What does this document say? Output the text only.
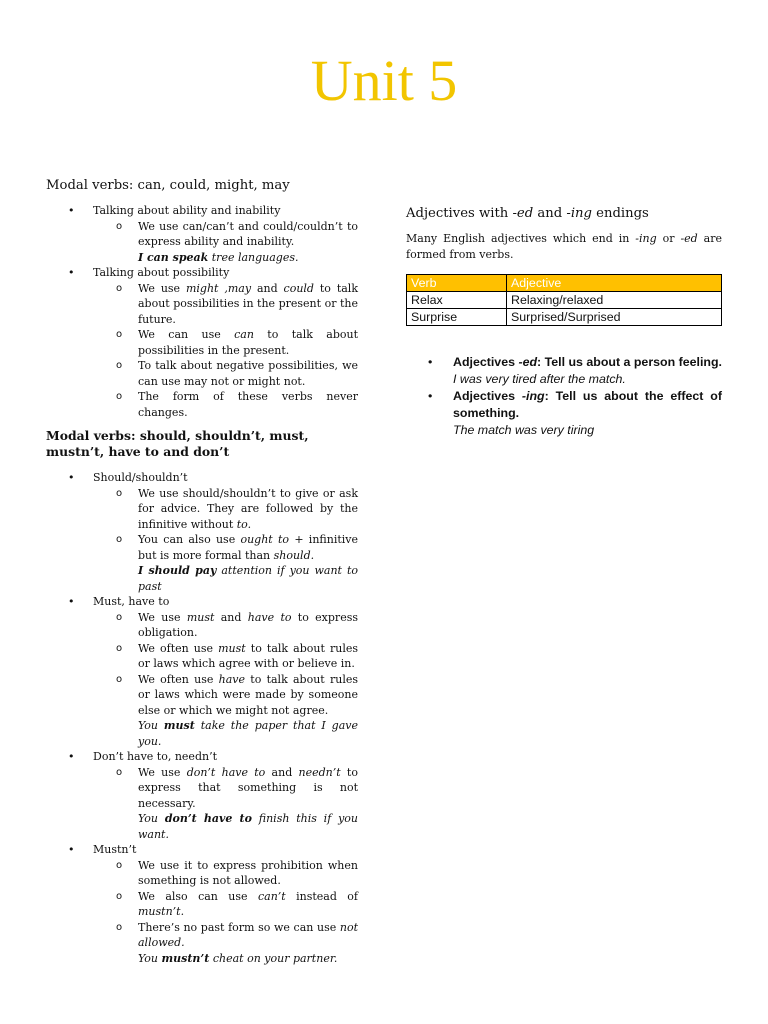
Unit 5
Modal verbs: can, could, might, may
• Talking about ability and inability
o We use can/can’t and could/couldn’t to express ability and inability.
I can speak tree languages.
• Talking about possibility
o We use might ,may and could to talk about possibilities in the present or the future.
o We can use can to talk about possibilities in the present.
o To talk about negative possibilities, we can use may not or might not.
o The form of these verbs never changes.
Modal verbs: should, shouldn’t, must, mustn’t, have to and don’t
• Should/shouldn’t
o We use should/shouldn’t to give or ask for advice. They are followed by the infinitive without to.
o You can also use ought to + infinitive but is more formal than should.
I should pay attention if you want to past
• Must, have to
o We use must and have to to express obligation.
o We often use must to talk about rules or laws which agree with or believe in.
o We often use have to talk about rules or laws which were made by someone else or which we might not agree.
You must take the paper that I gave you.
• Don’t have to, needn’t
o We use don’t have to and needn’t to express that something is not necessary.
You don’t have to finish this if you want.
• Mustn’t
o We use it to express prohibition when something is not allowed.
o We also can use can’t instead of mustn’t.
o There’s no past form so we can use not allowed.
You mustn’t cheat on your partner.
Adjectives with -ed and -ing endings
Many English adjectives which end in -ing or -ed are formed from verbs.
Verb	Adjective
Relax	Relaxing/relaxed
Surprise	Surprised/Surprised
• Adjectives -ed: Tell us about a person feeling.
I was very tired after the match.
• Adjectives -ing: Tell us about the effect of something.
The match was very tiring
